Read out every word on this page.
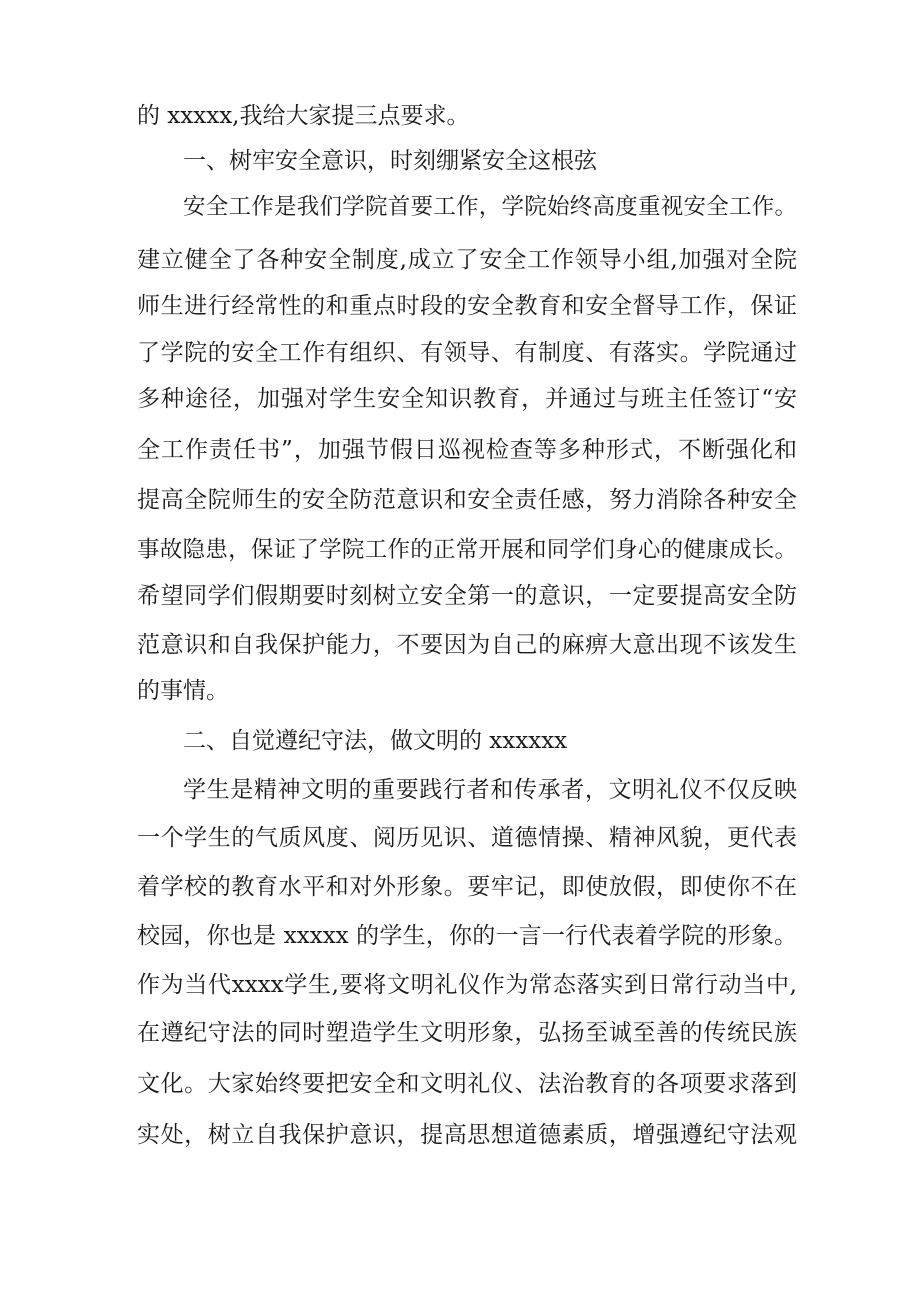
的 xxxxx,我给大家提三点要求。
一、树牢安全意识，时刻绷紧安全这根弦
安全工作是我们学院首要工作，学院始终高度重视安全工作。
建立健全了各种安全制度,成立了安全工作领导小组,加强对全院
师生进行经常性的和重点时段的安全教育和安全督导工作，保证
了学院的安全工作有组织、有领导、有制度、有落实。学院通过
多种途径，加强对学生安全知识教育，并通过与班主任签订“安
全工作责任书”，加强节假日巡视检查等多种形式，不断强化和
提高全院师生的安全防范意识和安全责任感，努力消除各种安全
事故隐患，保证了学院工作的正常开展和同学们身心的健康成长。
希望同学们假期要时刻树立安全第一的意识，一定要提高安全防
范意识和自我保护能力，不要因为自己的麻痹大意出现不该发生
的事情。
二、自觉遵纪守法，做文明的 xxxxxx
学生是精神文明的重要践行者和传承者，文明礼仪不仅反映
一个学生的气质风度、阅历见识、道德情操、精神风貌，更代表
着学校的教育水平和对外形象。要牢记，即使放假，即使你不在
校园，你也是 xxxxx 的学生，你的一言一行代表着学院的形象。
作为当代xxxx学生,要将文明礼仪作为常态落实到日常行动当中,
在遵纪守法的同时塑造学生文明形象，弘扬至诚至善的传统民族
文化。大家始终要把安全和文明礼仪、法治教育的各项要求落到
实处，树立自我保护意识，提高思想道德素质，增强遵纪守法观
